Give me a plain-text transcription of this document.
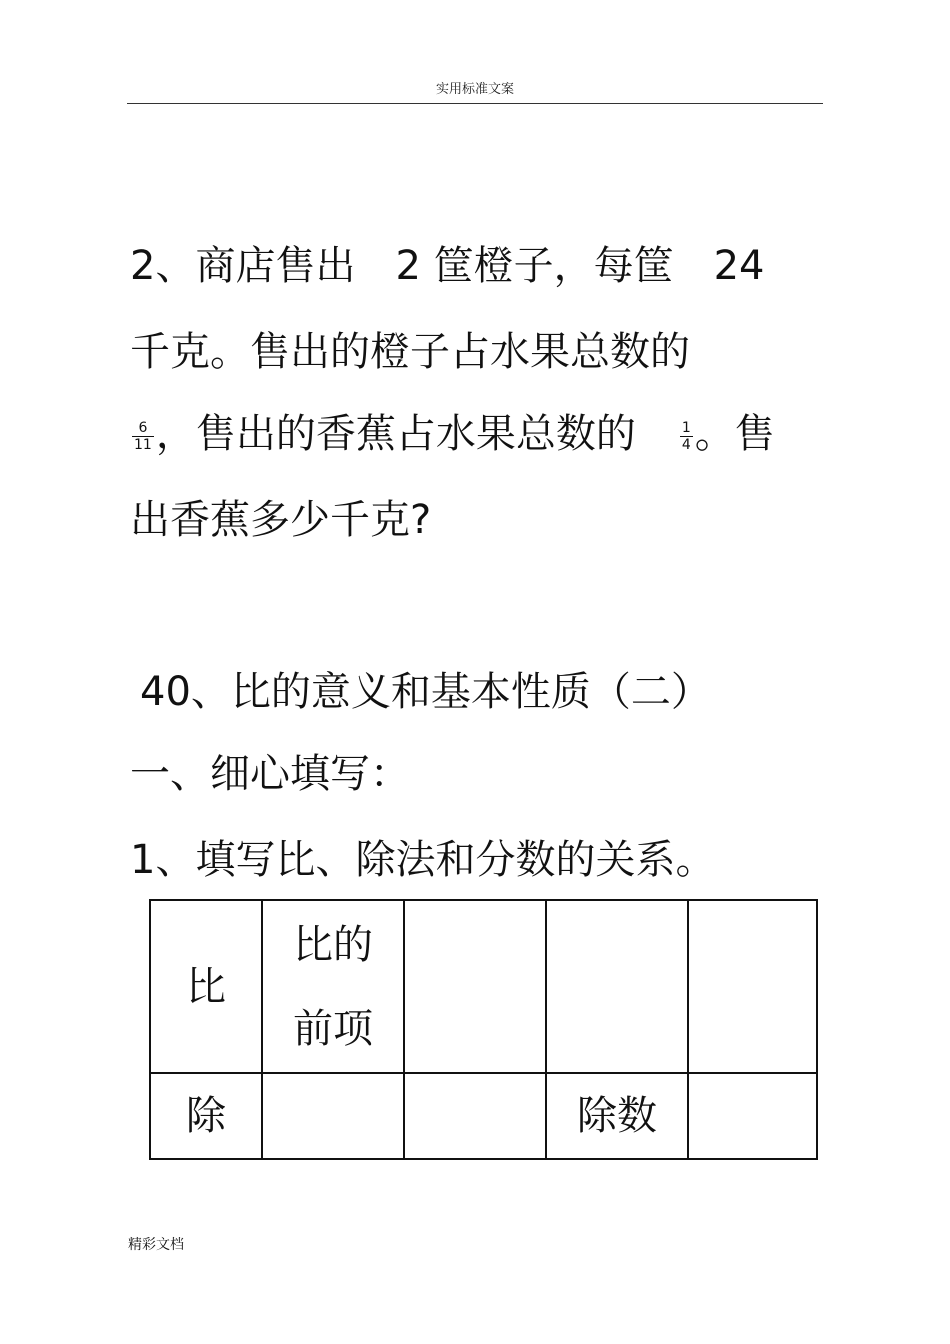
实用标准文案
2、商店售出　2 筐橙子，每筐　24
千克。售出的橙子占水果总数的
$\frac{6}{11}$ ，售出的香蕉占水果总数的	$\frac{1}{4}$ 。售
出香蕉多少千克?
40、比的意义和基本性质（二）
一、细心填写：
1、填写比、除法和分数的关系。
比	比的
前项			
除			除数	
精彩文档
